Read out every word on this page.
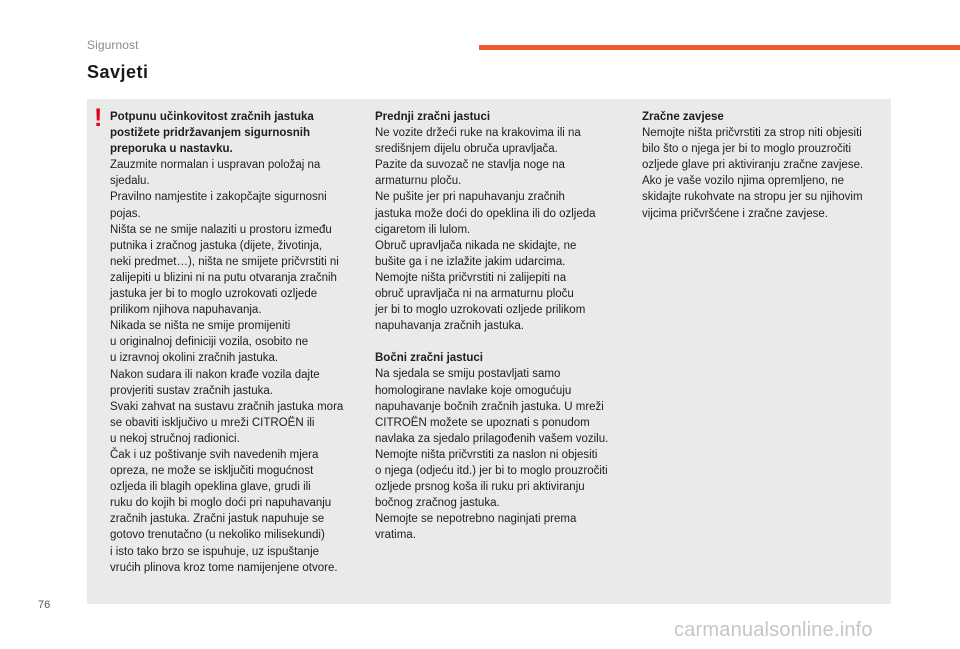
Sigurnost
Savjeti
! Potpunu učinkovitost zračnih jastuka

postižete pridržavanjem sigurnosnih

preporuka u nastavku.

Zauzmite normalan i uspravan položaj na

sjedalu.

Pravilno namjestite i zakopčajte sigurnosni

pojas.

Ništa se ne smije nalaziti u prostoru između

putnika i zračnog jastuka (dijete, životinja,

neki predmet…), ništa ne smijete pričvrstiti ni

zalijepiti u blizini ni na putu otvaranja zračnih

jastuka jer bi to moglo uzrokovati ozljede

prilikom njihova napuhavanja.

Nikada se ništa ne smije promijeniti

u originalnoj definiciji vozila, osobito ne

u izravnoj okolini zračnih jastuka.

Nakon sudara ili nakon krađe vozila dajte

provjeriti sustav zračnih jastuka.

Svaki zahvat na sustavu zračnih jastuka mora

se obaviti isključivo u mreži CITROËN ili

u nekoj stručnoj radionici.

Čak i uz poštivanje svih navedenih mjera

opreza, ne može se isključiti mogućnost

ozljeda ili blagih opeklina glave, grudi ili

ruku do kojih bi moglo doći pri napuhavanju

zračnih jastuka. Zračni jastuk napuhuje se

gotovo trenutačno (u nekoliko milisekundi)

i isto tako brzo se ispuhuje, uz ispuštanje

vrućih plinova kroz tome namijenjene otvore.

Prednji zračni jastuci

Ne vozite držeći ruke na krakovima ili na

središnjem dijelu obruča upravljača.

Pazite da suvozač ne stavlja noge na

armaturnu ploču.

Ne pušite jer pri napuhavanju zračnih

jastuka može doći do opeklina ili do ozljeda

cigaretom ili lulom.

Obruč upravljača nikada ne skidajte, ne

bušite ga i ne izlažite jakim udarcima.

Nemojte ništa pričvrstiti ni zalijepiti na

obruč upravljača ni na armaturnu ploču

jer bi to moglo uzrokovati ozljede prilikom

napuhavanja zračnih jastuka.

Bočni zračni jastuci

Na sjedala se smiju postavljati samo

homologirane navlake koje omogućuju

napuhavanje bočnih zračnih jastuka. U mreži

CITROËN možete se upoznati s ponudom

navlaka za sjedalo prilagođenih vašem vozilu.

Nemojte ništa pričvrstiti za naslon ni objesiti

o njega (odjeću itd.) jer bi to moglo prouzročiti

ozljede prsnog koša ili ruku pri aktiviranju

bočnog zračnog jastuka.

Nemojte se nepotrebno naginjati prema

vratima.

Zračne zavjese

Nemojte ništa pričvrstiti za strop niti objesiti

bilo što o njega jer bi to moglo prouzročiti

ozljede glave pri aktiviranju zračne zavjese.

Ako je vaše vozilo njima opremljeno, ne

skidajte rukohvate na stropu jer su njihovim

vijcima pričvršćene i zračne zavjese.

76
carmanualsonline.info
